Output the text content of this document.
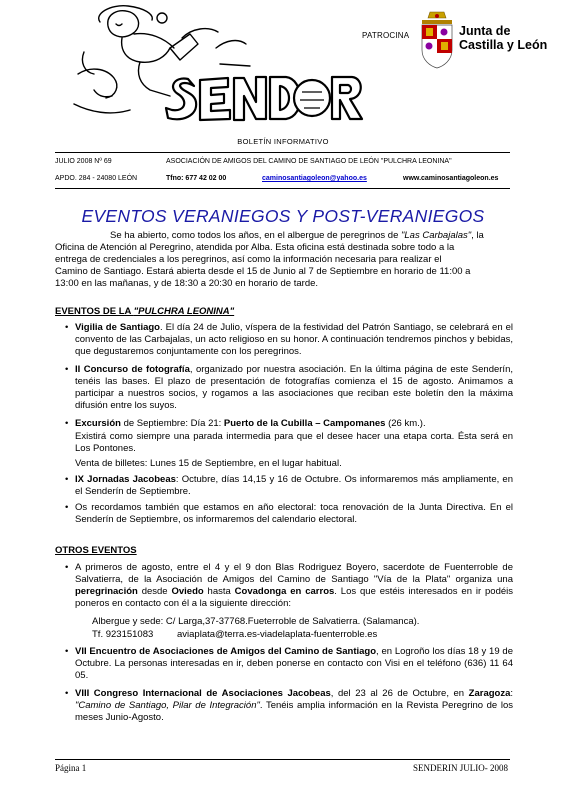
PATROCINA	Junta de
Castilla y León
BOLETÍN INFORMATIVO
JULIO 2008 Nº 69	ASOCIACIÓN DE AMIGOS DEL CAMINO DE SANTIAGO DE LEÓN "PULCHRA LEONINA"
APDO. 284 - 24080 LEÓN	Tfno: 677 42 02 00	caminosantiagoleon@yahoo.es	www.caminosantiagoleon.es
EVENTOS VERANIEGOS Y POST-VERANIEGOS
Se ha abierto, como todos los años, en el albergue de peregrinos de "Las Carbajalas", la
Oficina de Atención al Peregrino, atendida por Alba. Esta oficina está destinada sobre todo a la
entrega de credenciales a los peregrinos, así como la información necesaria para realizar el
Camino de Santiago. Estará abierta desde el 15 de Junio al 7 de Septiembre en horario de 11:00 a
13:00 en las mañanas, y de 18:30 a 20:30 en horario de tarde.
EVENTOS DE LA "PULCHRA LEONINA"
• Vigilia de Santiago. El día 24 de Julio, víspera de la festividad del Patrón Santiago, se celebrará en el convento de las Carbajalas, un acto religioso en su honor. A continuación tendremos pinchos y bebidas, que degustaremos conjuntamente con los peregrinos.
• II Concurso de fotografía, organizado por nuestra asociación. En la última página de este Senderín, tenéis las bases. El plazo de presentación de fotografías comienza el 15 de agosto. Animamos a participar a nuestros socios, y rogamos a las asociaciones que reciban este boletín den la máxima difusión entre los suyos.
• Excursión de Septiembre: Día 21: Puerto de la Cubilla – Campomanes (26 km.).
Existirá como siempre una parada intermedia para que el desee hacer una etapa corta. Ésta será en Los Pontones.
Venta de billetes: Lunes 15 de Septiembre, en el lugar habitual.
• IX Jornadas Jacobeas: Octubre, días 14,15 y 16 de Octubre. Os informaremos más ampliamente, en el Senderín de Septiembre.
• Os recordamos también que estamos en año electoral: toca renovación de la Junta Directiva. En el Senderín de Septiembre, os informaremos del calendario electoral.
OTROS EVENTOS
• A primeros de agosto, entre el 4 y el 9 don Blas Rodriguez Boyero, sacerdote de Fuenterroble de Salvatierra, de la Asociación de Amigos del Camino de Santiago "Vía de la Plata" organiza una peregrinación desde Oviedo hasta Covadonga en carros. Los que estéis interesados en ir podéis poneros en contacto con él a la siguiente dirección:
Albergue y sede: C/ Larga,37-37768.Fueterroble de Salvatierra. (Salamanca).
Tf. 923151083 aviaplata@terra.es-viadelaplata-fuenterroble.es
• VII Encuentro de Asociaciones de Amigos del Camino de Santiago, en Logroño los días 18 y 19 de Octubre. La personas interesadas en ir, deben ponerse en contacto con Visi en el teléfono (636) 11 64 05.
• VIII Congreso Internacional de Asociaciones Jacobeas, del 23 al 26 de Octubre, en Zaragoza: "Camino de Santiago, Pilar de Integración". Tenéis amplia información en la Revista Peregrino de los meses Junio-Agosto.
Página 1	SENDERIN JULIO- 2008
